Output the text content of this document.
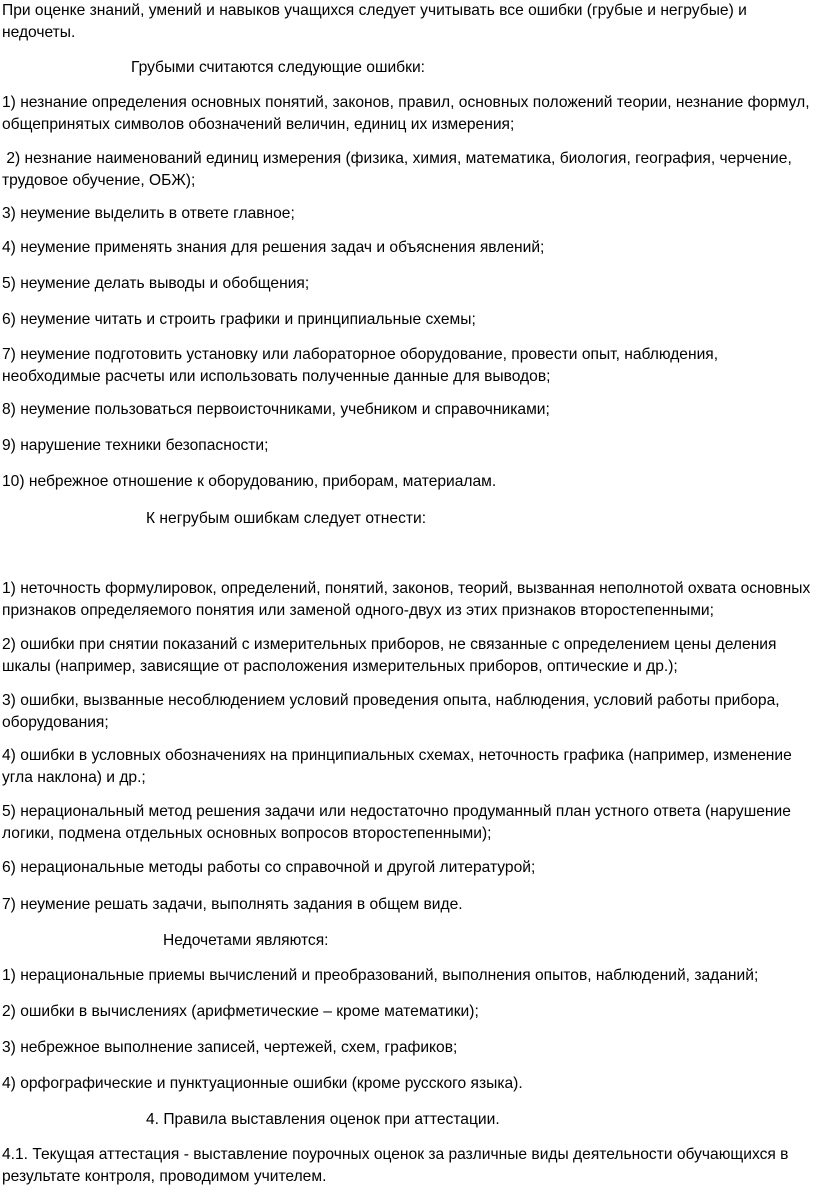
При оценке знаний, умений и навыков учащихся следует учитывать все ошибки (грубые и негрубые) и недочеты.

Грубыми считаются следующие ошибки:

1) незнание определения основных понятий, законов, правил, основных положений теории, незнание формул, общепринятых символов обозначений величин, единиц их измерения;

2) незнание наименований единиц измерения (физика, химия, математика, биология, география, черчение, трудовое обучение, ОБЖ);

3) неумение выделить в ответе главное;

4) неумение применять знания для решения задач и объяснения явлений;

5) неумение делать выводы и обобщения;

6) неумение читать и строить графики и принципиальные схемы;

7) неумение подготовить установку или лабораторное оборудование, провести опыт, наблюдения, необходимые расчеты или использовать полученные данные для выводов;

8) неумение пользоваться первоисточниками, учебником и справочниками;

9) нарушение техники безопасности;

10) небрежное отношение к оборудованию, приборам, материалам.

К негрубым ошибкам следует отнести:

1) неточность формулировок, определений, понятий, законов, теорий, вызванная неполнотой охвата основных признаков определяемого понятия или заменой одного-двух из этих признаков второстепенными;

2) ошибки при снятии показаний с измерительных приборов, не связанные с определением цены деления шкалы (например, зависящие от расположения измерительных приборов, оптические и др.);

3) ошибки, вызванные несоблюдением условий проведения опыта, наблюдения, условий работы прибора, оборудования;

4) ошибки в условных обозначениях на принципиальных схемах, неточность графика (например, изменение угла наклона) и др.;

5) нерациональный метод решения задачи или недостаточно продуманный план устного ответа (нарушение логики, подмена отдельных основных вопросов второстепенными);

6) нерациональные методы работы со справочной и другой литературой;

7) неумение решать задачи, выполнять задания в общем виде.

Недочетами являются:

1) нерациональные приемы вычислений и преобразований, выполнения опытов, наблюдений, заданий;

2) ошибки в вычислениях (арифметические – кроме математики);

3) небрежное выполнение записей, чертежей, схем, графиков;

4) орфографические и пунктуационные ошибки (кроме русского языка).

4. Правила выставления оценок при аттестации.

4.1. Текущая аттестация - выставление поурочных оценок за различные виды деятельности обучающихся в результате контроля, проводимом учителем.
